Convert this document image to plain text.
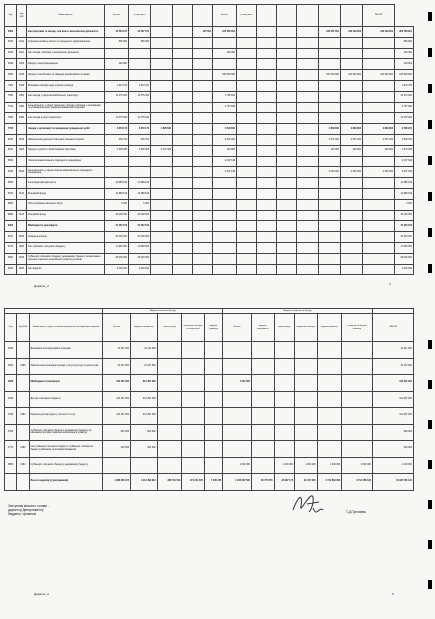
Код	Код ФКВ	Найменування	Всього	у тому числі				Всього	у тому числі						РАЗОМ	
3600		Інші програми та заходи, пов'язані з економічною діяльністю	12 533 371	12 537 371			107 000	164 250 000					166 251 501	166 449 000	166 449 000	303 783 901
3610	0411	Сприяння розвитку малого та середнього підприємництва	836 000	836 000												836 000
3630	0421	Інші заходи, пов'язані з економічною діяльністю						192 000								192 000
3640	0422	Заходи з енергозбереження	193 000													193 000
3650	0433	Заходи із запобігання та ліквідації надзвичайних ситуацій						185 549 900					183 549 900	183 549 900	183 549 900	183 549 900
7400	0443	Виконання заходів щодо охорони природи	1 813 700	1 813 700												1 813 700
7500	0451	Інші заходи у сфері автомобільного транспорту	11 475 000	11 475 000				1 795 600								13 270 600
7510	0490	Інша діяльність у сфері транспорту. Заходи, пов'язані з організацією та утриманням доріг, наданням фінансової підтримки						2 757 669								2 757 669
7520	0490	Інші заходи в галузі транспорту	11 475 000	11 475 000												11 475 000
7700		Заходи з організації та проведення громадських робіт	4 879 172	4 879 172	1 895 662			4 529 800					4 839 800	4 839 800	4 839 800	9 768 972
8100	0133	Забезпечення діяльності місцевої пожежної охорони	336 700	336 700				4 512 000					4 571 000	4 571 000	4 571 000	4 848 700
8110	0320	Заходи та роботи з мобілізаційної підготовки	4 538 365	4 538 365	2 572 369			136 900					125 000	125 000	125 000	4 674 265
8300		Охорона навколишнього природного середовища						2 007 649								2 007 649
8330	0540	Інша діяльність у сфері охорони навколишнього природного середовища						2 007 649					2 049 000	2 049 000	2 049 000	2 007 649
8600		Інша видаткова діяльність	14 888 619	14 888 619												14 888 619
8700	0133	Резервний фонд	14 888 619	14 888 619												14 888 619
8800		Обслуговування місцевого боргу	5 000	5 000												5 000
8900	0133	Резервний фонд	40 000 000	40 000 000												40 000 000
9000		Міжбюджетні трансферти	47 452 100	47 452 100												47 452 100
9110	0180	Реверсна дотація	20 000 000	20 000 000												20 000 000
9770	0180	Інші субвенції з місцевого бюджету	17 890 000	17 890 000												17 890 000
9800	0180	Субвенція з місцевого бюджету державному бюджету на виконання програм соціально-економічного розвитку регіонів	28 000 000	28 000 000												28 000 000
9810	0180	Інші видатки	3 000 000	3 000 000												3 000 000
Додаток_3	4
			Видатки загального фонду					Видатки спеціального фонду						
Код	Код ФКВ	Найменування згідно з типовою програмною класифікацією видатків	Всього	видатки споживання	оплата праці	комунальні послуги та енергоносії	видатки розвитку	Всього	видатки споживання	оплата праці	комунальні послуги	видатки розвитку	у тому числі бюджет розвитку	РАЗОМ
8310		Виконання Антикорупційної програми	22 411 500	22 411 500										22 411 500
8321	0180	Забезпечення реалізації заходів у галузі культури та мистецтва	22 437 500	22 437 500										72 437 500
9000		Міжбюджетні трансферти	314 497 000	314 497 000				1 000 000						315 497 000
9100		Дотації з місцевого бюджету	313 497 000	313 497 000										313 497 000
9110	0180	Реверсна дотація (дата у частині 3.1 та 4)	313 497 000	313 497 000										313 497 000
9700		Субвенція з місцевого бюджету державному бюджету на виконання програм соціально-економічного розвитку	800 000	800 000										800 000
9770	0180	Інші субвенції з місцевого бюджету. Субвенція з обласного бюджету районним та місцевим бюджетам	300 000	300 000										300 000
9800	0180	Субвенція з місцевого бюджету державному бюджету						1 000 000		1 000 000	1 000 000	1 000 000	1 000 000	1 000 000
		Всього видатків (з урахуванням)	1 388 465 155	1 314 392 913	280 791 519	271 241 379	7 345 200	1 245 207 500	84 747 350	24 987 173	91 017 000	3 711 863 300	3 714 458 313	10 925 781 121
Заступник міського голови -
директор Департаменту
бюджету і фінансів	Т.Д.Пухляєва
Додаток_3	5
